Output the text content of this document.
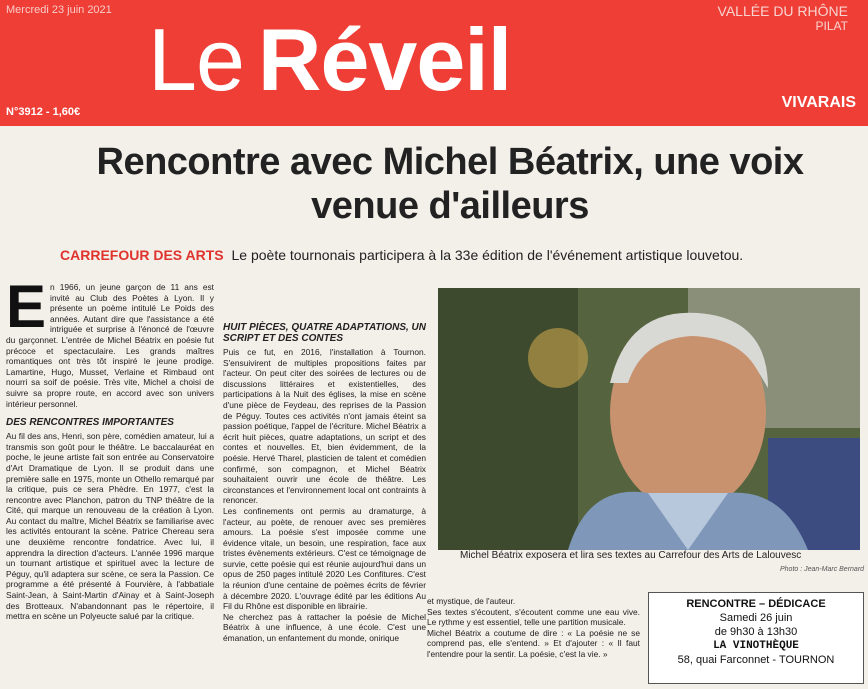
Mercredi 23 juin 2021	VALLÉE DU RHÔNE
PILAT
Le Réveil
N°3912 - 1,60€
VIVARAIS
Rencontre avec Michel Béatrix, une voix venue d'ailleurs
CARREFOUR DES ARTS Le poète tournonais participera à la 33e édition de l'événement artistique louvetou.
E n 1966, un jeune garçon de 11 ans est invité au Club des Poètes à Lyon. Il y présente un poème intitulé Le Poids des années. Autant dire que l'assistance a été intriguée et surprise à l'énoncé de l'œuvre du garçonnet. L'entrée de Michel Béatrix en poésie fut précoce et spectaculaire. Les grands maîtres romantiques ont très tôt inspiré le jeune prodige. Lamartine, Hugo, Musset, Verlaine et Rimbaud ont nourri sa soif de poésie. Très vite, Michel a choisi de suivre sa propre route, en accord avec son univers intérieur personnel.

DES RENCONTRES IMPORTANTES

Au fil des ans, Henri, son père, comédien amateur, lui a transmis son goût pour le théâtre. Le baccalauréat en poche, le jeune artiste fait son entrée au Conservatoire d'Art Dramatique de Lyon. Il se produit dans une première salle en 1975, monte un Othello remarqué par la critique, puis ce sera Phèdre. En 1977, c'est la rencontre avec Planchon, patron du TNP théâtre de la Cité, qui marque un renouveau de la création à Lyon. Au contact du maître, Michel Béatrix se familiarise avec les activités entourant la scène. Patrice Chereau sera une deuxième rencontre fondatrice. Avec lui, il apprendra la direction d'acteurs. L'année 1996 marque un tournant artistique et spirituel avec la lecture de Péguy, qu'il adaptera sur scène, ce sera la Passion. Ce programme a été présenté à Fourvière, à l'abbatiale Saint-Jean, à Saint-Martin d'Ainay et à Saint-Joseph des Brotteaux. N'abandonnant pas le répertoire, il mettra en scène un Polyeucte salué par la critique.

HUIT PIÈCES, QUATRE ADAPTATIONS, UN SCRIPT ET DES CONTES

Puis ce fut, en 2016, l'installation à Tournon. S'ensuivirent de multiples propositions faites par l'acteur. On peut citer des soirées de lectures ou de discussions littéraires et existentielles, des participations à la Nuit des églises, la mise en scène d'une pièce de Feydeau, des reprises de la Passion de Péguy. Toutes ces activités n'ont jamais éteint sa passion poétique, l'appel de l'écriture. Michel Béatrix a écrit huit pièces, quatre adaptations, un script et des contes et nouvelles. Et, bien évidemment, de la poésie. Hervé Tharel, plasticien de talent et comédien confirmé, son compagnon, et Michel Béatrix souhaitaient ouvrir une école de théâtre. Les circonstances et l'environnement local ont contraints à renoncer.

Les confinements ont permis au dramaturge, à l'acteur, au poète, de renouer avec ses premières amours. La poésie s'est imposée comme une évidence vitale, un besoin, une respiration, face aux tristes évènements extérieurs. C'est ce témoignage de survie, cette poésie qui est réunie aujourd'hui dans un opus de 250 pages intitulé 2020 Les Confitures. C'est la réunion d'une centaine de poèmes écrits de février à décembre 2020. L'ouvrage édité par les éditions Au Fil du Rhône est disponible en librairie.

Ne cherchez pas à rattacher la poésie de Michel Béatrix à une influence, à une école. C'est une émanation, un enfantement du monde, onirique

Michel Béatrix exposera et lira ses textes au Carrefour des Arts de Lalouvesc
Photo : Jean-Marc Bernard

et mystique, de l'auteur.

Ses textes s'écoutent, s'écoutent comme une eau vive. Le rythme y est essentiel, telle une partition musicale.

Michel Béatrix a coutume de dire : « La poésie ne se comprend pas, elle s'entend. » Et d'ajouter : « Il faut l'entendre pour la sentir. La poésie, c'est la vie. »

RENCONTRE – DÉDICACE
Samedi 26 juin
de 9h30 à 13h30
LA VINOTHÈQUE
58, quai Farconnet - TOURNON
